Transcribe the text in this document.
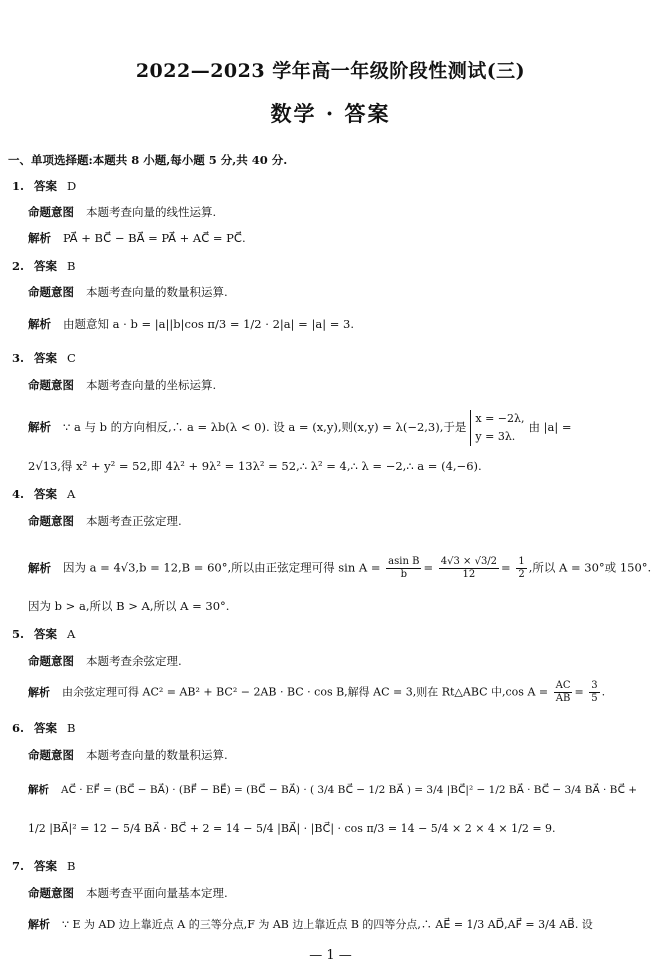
2022—2023 学年高一年级阶段性测试(三)
数学 · 答案
一、单项选择题:本题共 8 小题,每小题 5 分,共 40 分.
1. 答案 D
命题意图 本题考查向量的线性运算.
解析 PA⃗ + BC⃗ − BA⃗ = PA⃗ + AC⃗ = PC⃗.
2. 答案 B
命题意图 本题考查向量的数量积运算.
解析 由题意知 a · b = |a||b|cos π/3 = 1/2 · 2|a| = |a| = 3.
3. 答案 C
命题意图 本题考查向量的坐标运算.
解析 ∵ a 与 b 的方向相反,∴ a = λb(λ < 0). 设 a = (x,y),则(x,y) = λ(−2,3),于是
x = −2λ,
y = 3λ.
由 |a| =
2√13,得 x² + y² = 52,即 4λ² + 9λ² = 13λ² = 52,∴ λ² = 4,∴ λ = −2,∴ a = (4,−6).
4. 答案 A
命题意图 本题考查正弦定理.
解析 因为 a = 4√3,b = 12,B = 60°,所以由正弦定理可得 $\sin A = \frac{\text{asin B}}{b} = \frac{4√3 \times √3/2}{12} = \frac{1}{2}$ ,所以 A = 30°或 150°.
因为 b > a,所以 B > A,所以 A = 30°.
5. 答案 A
命题意图 本题考查余弦定理.
解析 由余弦定理可得 AC² = AB² + BC² − 2AB · BC · cos B,解得 AC = 3,则在 Rt△ABC 中,cos $A = \frac{AC}{AB} = \frac{3}{5}$ .
6. 答案 B
命题意图 本题考查向量的数量积运算.
解析 AC⃗ · EF⃗ = (BC⃗ − BA⃗) · (BF⃗ − BE⃗) = (BC⃗ − BA⃗) · ( 3/4 BC⃗ − 1/2 BA⃗ ) = 3/4 |BC⃗|² − 1/2 BA⃗ · BC⃗ − 3/4 BA⃗ · BC⃗ +
1/2 |BA⃗|² = 12 − 5/4 BA⃗ · BC⃗ + 2 = 14 − 5/4 |BA⃗| · |BC⃗| · cos π/3 = 14 − 5/4 × 2 × 4 × 1/2 = 9.
7. 答案 B
命题意图 本题考查平面向量基本定理.
解析 ∵ E 为 AD 边上靠近点 A 的三等分点,F 为 AB 边上靠近点 B 的四等分点,∴ AE⃗ = 1/3 AD⃗,AF⃗ = 3/4 AB⃗. 设
— 1 —
